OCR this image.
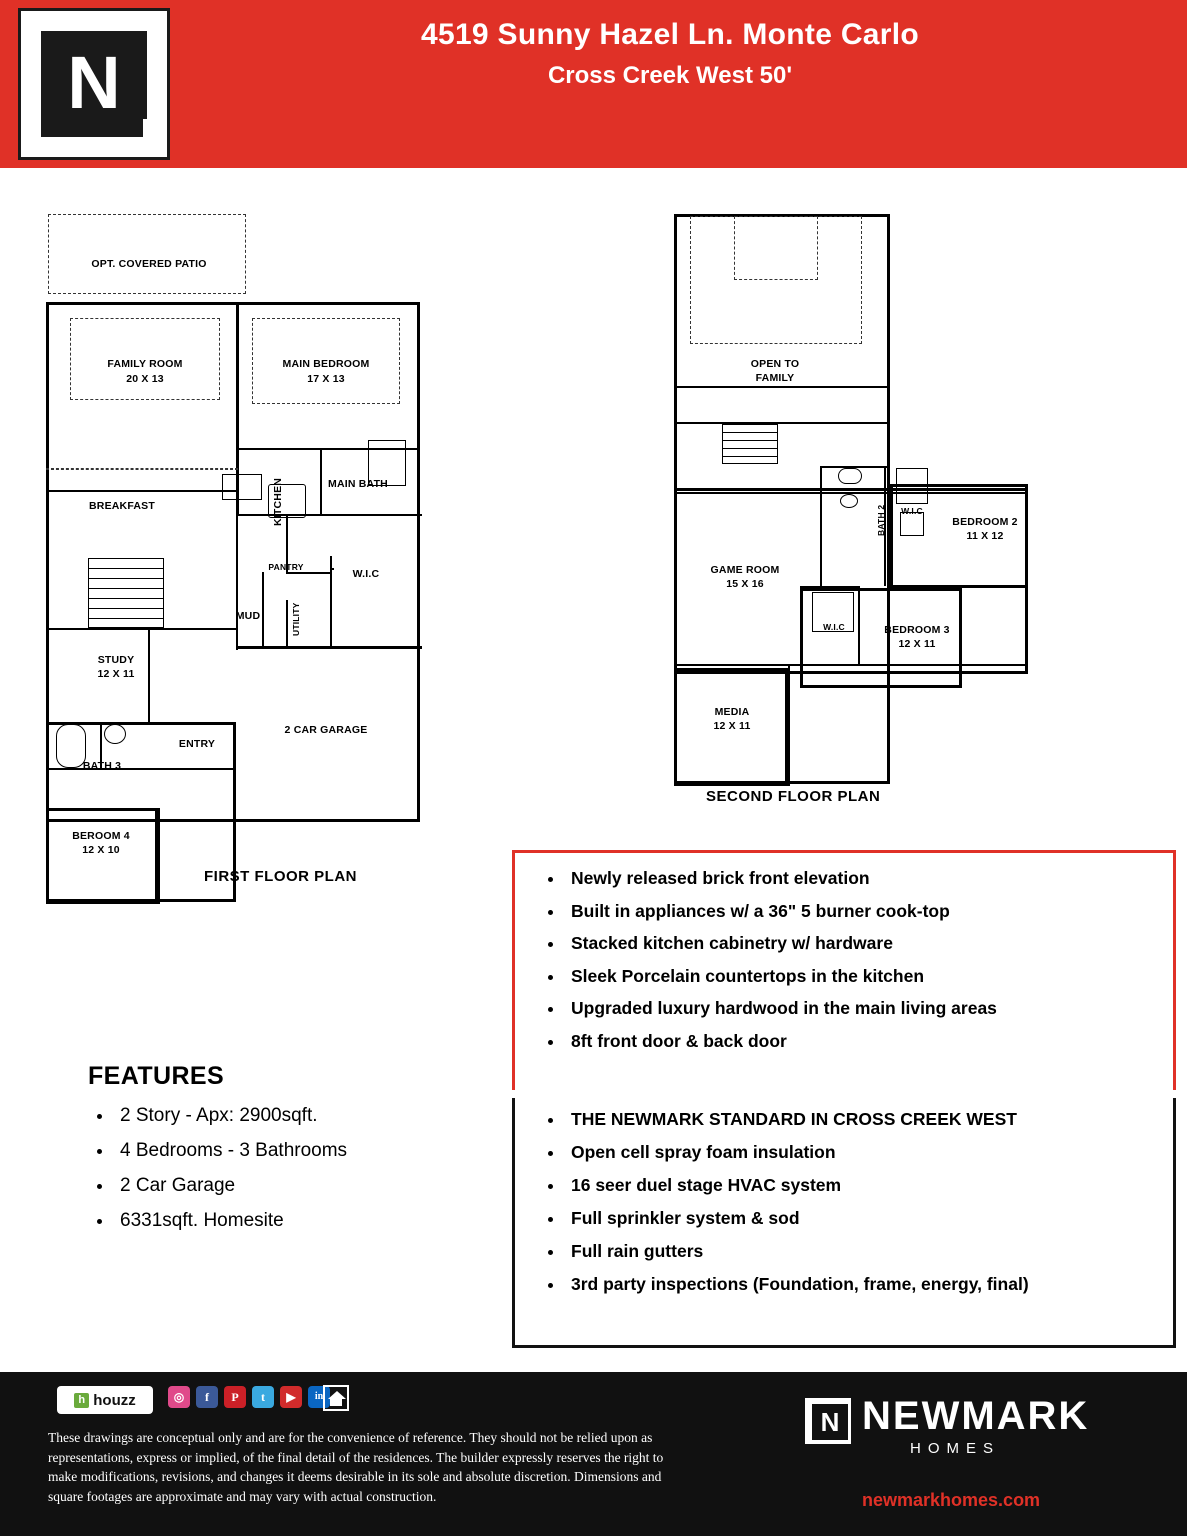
N
4519 Sunny Hazel Ln. Monte Carlo
Cross Creek West 50'
OPT. COVERED PATIO
FAMILY ROOM
20 X 13
MAIN BEDROOM
17 X 13
BREAKFAST	KITCHEN	MAIN BATH
W.I.C
PANTRY
MUD	UTILITY
STUDY
12 X 11
2 CAR GARAGE
ENTRY
BATH 3
BEROOM 4
12 X 10
FIRST FLOOR PLAN
OPEN TO
FAMILY
GAME ROOM
15 X 16
BATH 2	W.I.C
BEDROOM 2
11 X 12
W.I.C	BEDROOM 3
12 X 11
MEDIA
12 X 11
SECOND FLOOR PLAN
FEATURES
• 2 Story - Apx: 2900sqft.
• 4 Bedrooms - 3 Bathrooms
• 2 Car Garage
• 6331sqft. Homesite
• Newly released brick front elevation
• Built in appliances w/ a 36" 5 burner cook-top
• Stacked kitchen cabinetry w/ hardware
• Sleek Porcelain countertops in the kitchen
• Upgraded luxury hardwood in the main living areas
• 8ft front door & back door
• THE NEWMARK STANDARD IN CROSS CREEK WEST
• Open cell spray foam insulation
• 16 seer duel stage HVAC system
• Full sprinkler system & sod
• Full rain gutters
• 3rd party inspections (Foundation, frame, energy, final)
h houzz	◎	f	P	t	▶	in
These drawings are conceptual only and are for the convenience of reference. They should not be relied upon as representations, express or implied, of the final detail of the residences. The builder expressly reserves the right to make modifications, revisions, and changes it deems desirable in its sole and absolute discretion. Dimensions and square footages are approximate and may vary with actual construction.
N NEWMARK
HOMES
newmarkhomes.com
